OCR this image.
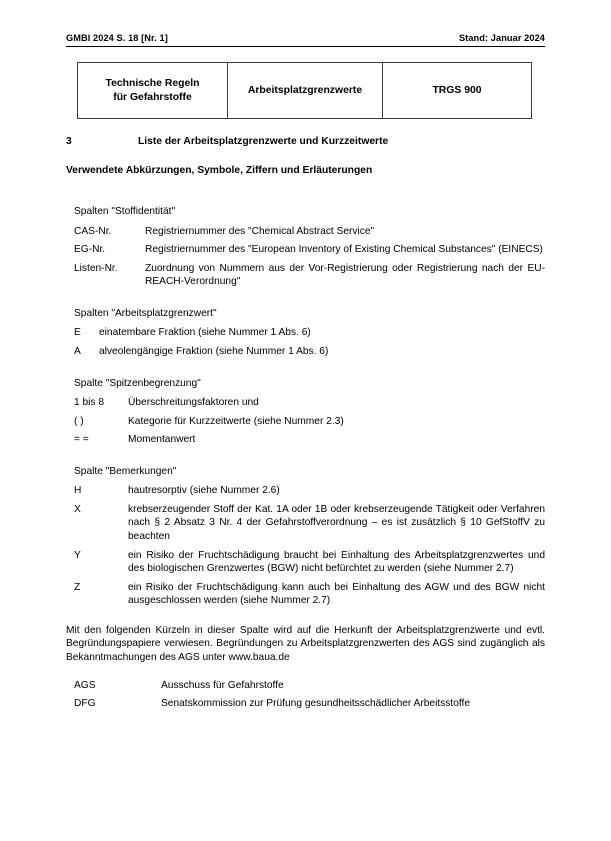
GMBl 2024 S. 18 [Nr. 1]	Stand: Januar 2024
Technische Regeln
für Gefahrstoffe
Arbeitsplatzgrenzwerte	TRGS 900
3	Liste der Arbeitsplatzgrenzwerte und Kurzzeitwerte
Verwendete Abkürzungen, Symbole, Ziffern und Erläuterungen
Spalten "Stoffidentität"
CAS-Nr.	Registriernummer des "Chemical Abstract Service"
EG-Nr.	Registriernummer des "European Inventory of Existing Chemical Substances" (EINECS)
Listen-Nr.	Zuordnung von Nummern aus der Vor-Registrierung oder Registrierung nach der EU-REACH-Verordnung"
Spalten "Arbeitsplatzgrenzwert"
E	einatembare Fraktion (siehe Nummer 1 Abs. 6)
A	alveolengängige Fraktion (siehe Nummer 1 Abs. 6)
Spalte "Spitzenbegrenzung"
1 bis 8	Überschreitungsfaktoren und
( )	Kategorie für Kurzzeitwerte (siehe Nummer 2.3)
= =	Momentanwert
Spalte "Bemerkungen"
H	hautresorptiv (siehe Nummer 2.6)
X	krebserzeugender Stoff der Kat. 1A oder 1B oder krebserzeugende Tätigkeit oder Verfahren nach § 2 Absatz 3 Nr. 4 der Gefahrstoffverordnung – es ist zusätzlich § 10 GefStoffV zu beachten
Y	ein Risiko der Fruchtschädigung braucht bei Einhaltung des Arbeitsplatzgrenzwertes und des biologischen Grenzwertes (BGW) nicht befürchtet zu werden (siehe Nummer 2.7)
Z	ein Risiko der Fruchtschädigung kann auch bei Einhaltung des AGW und des BGW nicht ausgeschlossen werden (siehe Nummer 2.7)

Mit den folgenden Kürzeln in dieser Spalte wird auf die Herkunft der Arbeitsplatzgrenzwerte und evtl. Begründungspapiere verwiesen. Begründungen zu Arbeitsplatzgrenzwerten des AGS sind zugänglich als Bekanntmachungen des AGS unter www.baua.de

AGS	Ausschuss für Gefahrstoffe
DFG	Senatskommission zur Prüfung gesundheitsschädlicher Arbeitsstoffe
